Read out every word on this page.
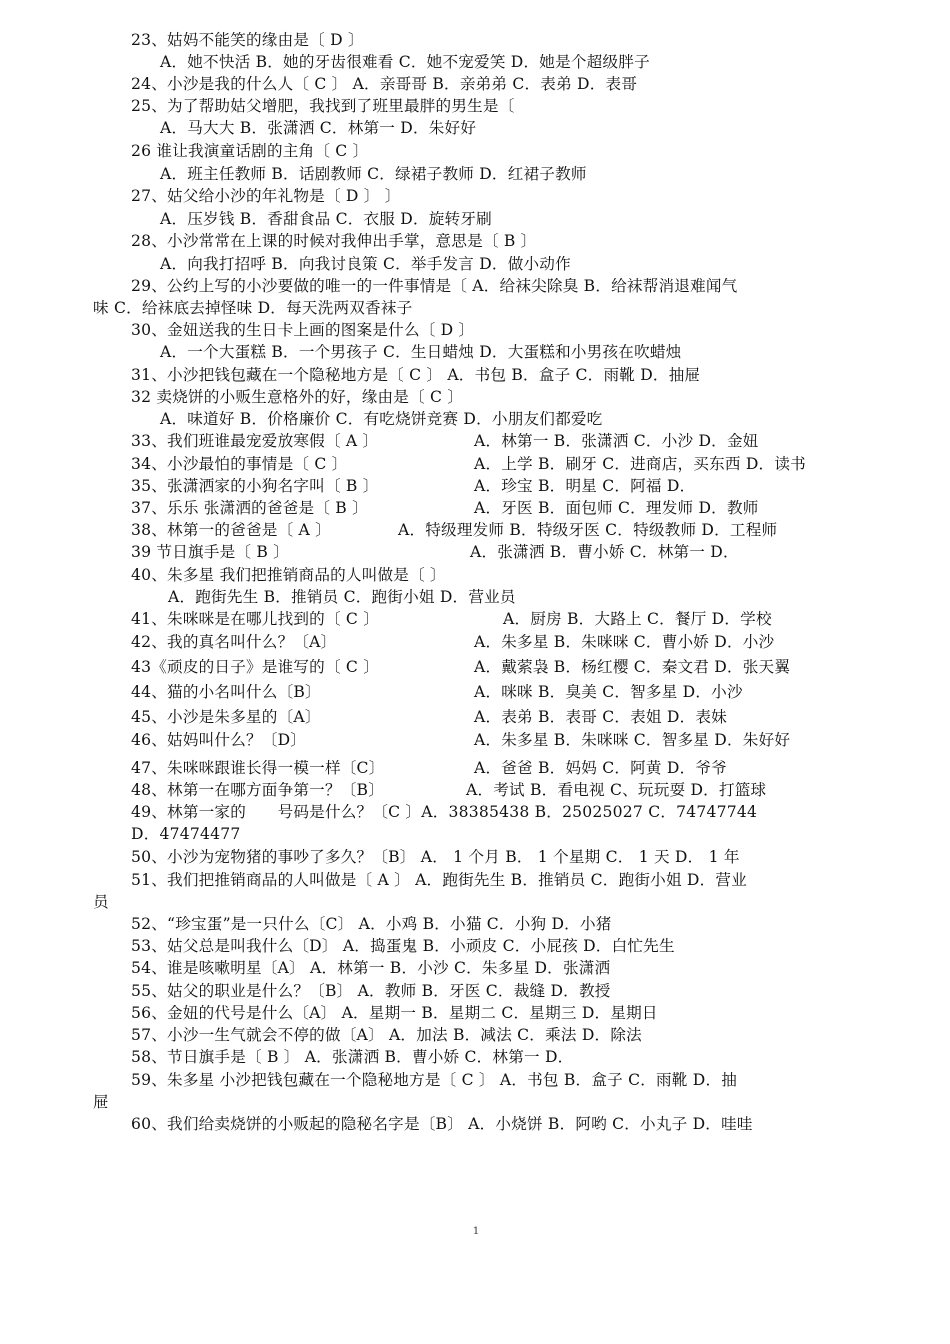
23、姑妈不能笑的缘由是〔 D 〕
A．她不快活 B．她的牙齿很难看 C．她不宠爱笑 D．她是个超级胖子
24、小沙是我的什么人〔 C 〕 A．亲哥哥 B．亲弟弟 C．表弟 D．表哥
25、为了帮助姑父增肥，我找到了班里最胖的男生是〔
A．马大大 B．张潇洒 C．林第一 D．朱好好
26 谁让我演童话剧的主角〔 C 〕
A．班主任教师 B．话剧教师 C．绿裙子教师 D．红裙子教师
27、姑父给小沙的年礼物是〔 D 〕 〕
A．压岁钱 B．香甜食品 C．衣服 D．旋转牙刷
28、小沙常常在上课的时候对我伸出手掌，意思是〔 B 〕
A．向我打招呼 B．向我讨良策 C．举手发言 D．做小动作
29、公约上写的小沙要做的唯一的一件事情是〔 A．给袜尖除臭 B．给袜帮消退难闻气
味 C．给袜底去掉怪味 D．每天洗两双香袜子
30、金妞送我的生日卡上画的图案是什么〔 D 〕
A．一个大蛋糕 B．一个男孩子 C．生日蜡烛 D．大蛋糕和小男孩在吹蜡烛
31、小沙把钱包藏在一个隐秘地方是〔 C 〕 A．书包 B．盒子 C．雨靴 D．抽屉
32 卖烧饼的小贩生意格外的好，缘由是〔 C 〕
A．味道好 B．价格廉价 C．有吃烧饼竞赛 D．小朋友们都爱吃
33、我们班谁最宠爱放寒假〔 A 〕	A．林第一 B．张潇洒 C．小沙 D．金妞
34、小沙最怕的事情是〔 C 〕	A．上学 B．刷牙 C．进商店，买东西 D．读书
35、张潇洒家的小狗名字叫〔 B 〕	A．珍宝 B．明星 C．阿福 D．
37、乐乐 张潇洒的爸爸是〔 B 〕	A．牙医 B．面包师 C．理发师 D．教师
38、林第一的爸爸是〔 A 〕	A．特级理发师 B．特级牙医 C．特级教师 D．工程师
39 节日旗手是〔 B 〕	A．张潇洒 B．曹小娇 C．林第一 D．
40、朱多星 我们把推销商品的人叫做是〔 〕
A．跑街先生 B．推销员 C．跑街小姐 D．营业员
41、朱咪咪是在哪儿找到的〔 C 〕	A．厨房 B．大路上 C．餐厅 D．学校
42、我的真名叫什么？〔A〕	A．朱多星 B．朱咪咪 C．曹小娇 D．小沙
43《顽皮的日子》是谁写的〔 C 〕	A．戴萦袅 B．杨红樱 C．秦文君 D．张天翼
44、猫的小名叫什么〔B〕	A．咪咪 B．臭美 C．智多星 D．小沙
45、小沙是朱多星的〔A〕	A．表弟 B．表哥 C．表姐 D．表妹
46、姑妈叫什么？〔D〕	A．朱多星 B．朱咪咪 C．智多星 D．朱好好
47、朱咪咪跟谁长得一模一样〔C〕	A．爸爸 B．妈妈 C．阿黄 D．爷爷
48、林第一在哪方面争第一？〔B〕	A．考试 B．看电视 C、玩玩耍 D．打篮球
49、林第一家的　　号码是什么？〔C 〕A．38385438 B．25025027 C．74747744
D．47474477
50、小沙为宠物猪的事吵了多久？〔B〕 A． 1 个月 B． 1 个星期 C． 1 天 D． 1 年
51、我们把推销商品的人叫做是〔 A 〕 A．跑街先生 B．推销员 C．跑街小姐 D．营业
员
52、“珍宝蛋”是一只什么〔C〕 A．小鸡 B．小猫 C．小狗 D．小猪
53、姑父总是叫我什么〔D〕 A．捣蛋鬼 B．小顽皮 C．小屁孩 D．白忙先生
54、谁是咳嗽明星〔A〕 A．林第一 B．小沙 C．朱多星 D．张潇洒
55、姑父的职业是什么？〔B〕 A．教师 B．牙医 C．裁缝 D．教授
56、金妞的代号是什么〔A〕 A．星期一 B．星期二 C．星期三 D．星期日
57、小沙一生气就会不停的做〔A〕 A．加法 B．减法 C．乘法 D．除法
58、节日旗手是〔 B 〕 A．张潇洒 B．曹小娇 C．林第一 D．
59、朱多星 小沙把钱包藏在一个隐秘地方是〔 C 〕 A．书包 B．盒子 C．雨靴 D．抽
屉
60、我们给卖烧饼的小贩起的隐秘名字是〔B〕 A．小烧饼 B．阿哟 C．小丸子 D．哇哇
1
